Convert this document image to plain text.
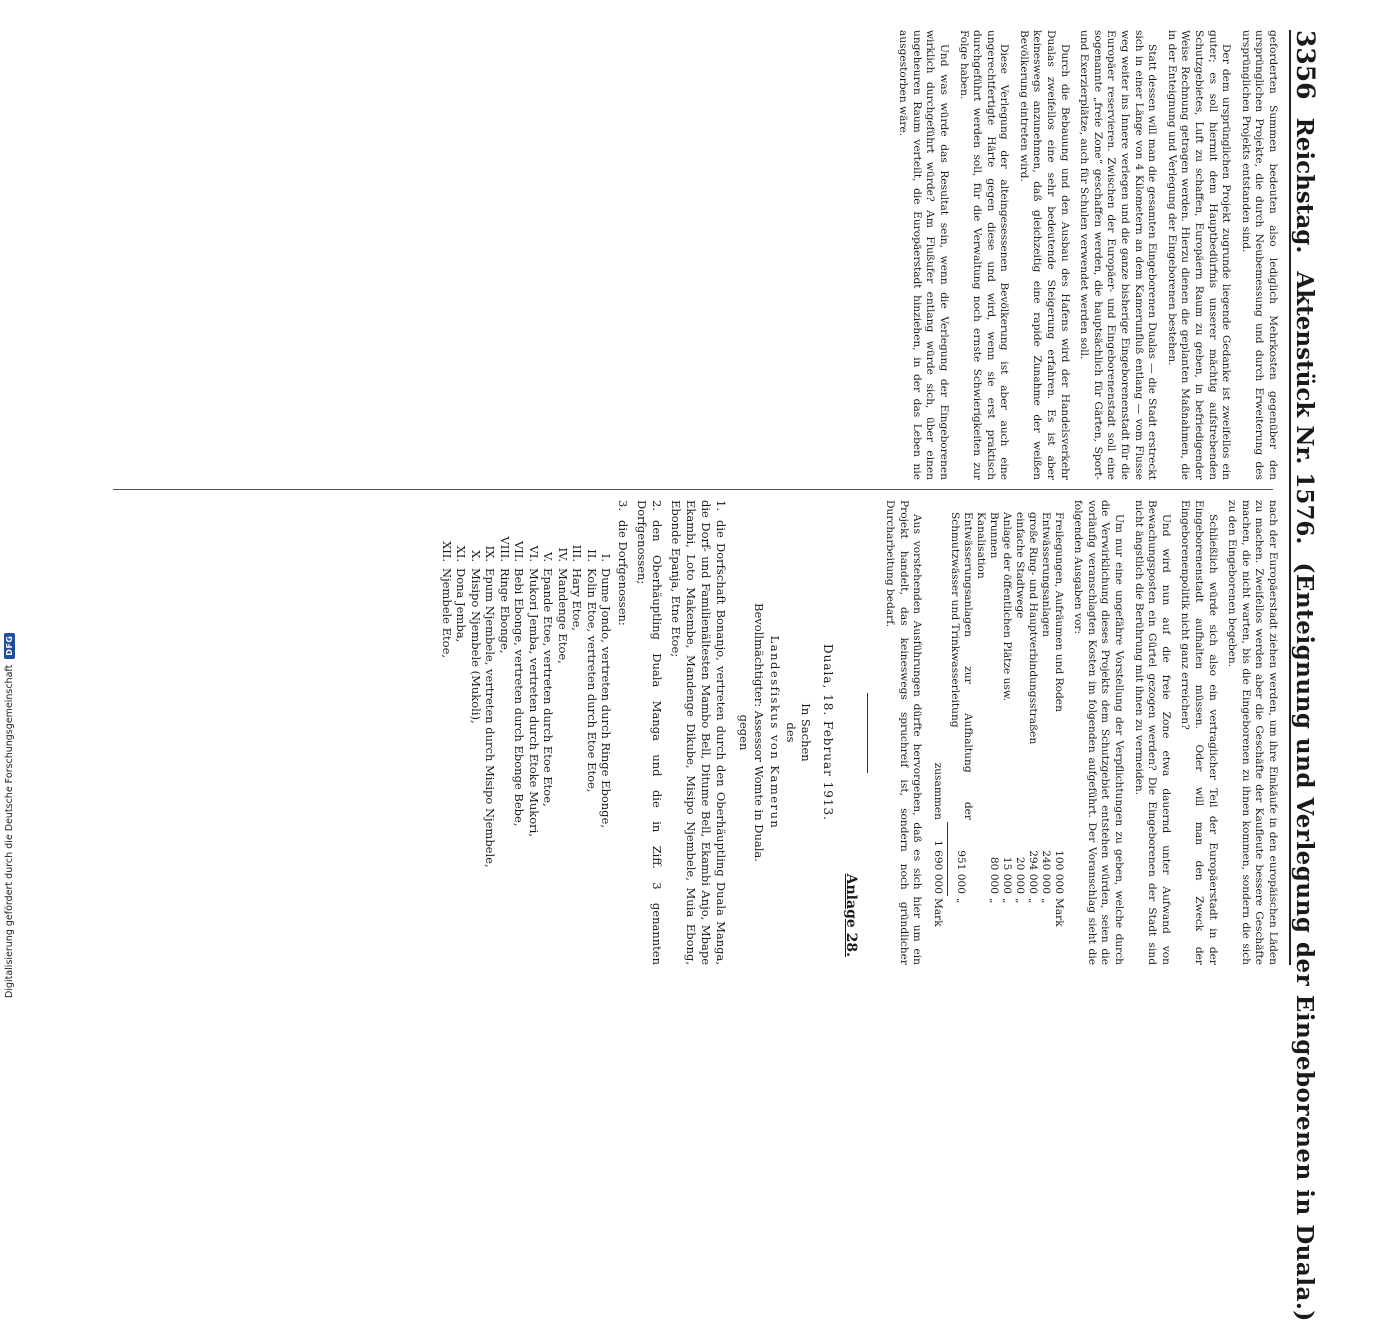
3356
Reichstag.
Aktenstück Nr. 1576.
(Enteignung und Verlegung der Eingeborenen in Duala.)

geforderten Summen bedeuten also lediglich Mehrkosten gegenüber den ursprünglichen Projekte, die durch Neubemessung und durch Erweiterung des ursprünglichen Projekts entstanden sind.

Der dem ursprünglichen Projekt zugrunde liegende Gedanke ist zweifellos ein guter; es soll hiermit dem Hauptbedürfnis unserer mächtig aufstrebenden Schutzgebietes, Luft zu schaffen, Europäern Raum zu geben, in befriedigender Weise Rechnung getragen werden. Hierzu dienen die geplanten Maßnahmen, die in der Enteignung und Verlegung der Eingeborenen bestehen.

Statt dessen will man die gesamten Eingeborenen Dualas — die Stadt erstreckt sich in einer Länge von 4 Kilometern an dem Kamerunfluß entlang — vom Flusse weg weiter ins Innere verlegen und die ganze bisherige Eingeborenenstadt für die Europäer reservieren. Zwischen der Europäer- und Eingeborenenstadt soll eine sogenannte „freie Zone“ geschaffen werden, die hauptsächlich für Gärten, Sport- und Exerzierplätze, auch für Schulen verwendet werden soll.

Durch die Bebauung und den Ausbau des Hafens wird der Handelsverkehr Dualas zweifellos eine sehr bedeutende Steigerung erfahren. Es ist aber keineswegs anzunehmen, daß gleichzeitig eine rapide Zunahme der weißen Bevölkerung eintreten wird.

Diese Verlegung der alteingesessenen Bevölkerung ist aber auch eine ungerechtfertigte Härte gegen diese und wird, wenn sie erst praktisch durchgeführt werden soll, für die Verwaltung noch ernste Schwierigkeiten zur Folge haben.

Und was würde das Resultat sein, wenn die Verlegung der Eingeborenen wirklich durchgeführt würde? Am Flußufer entlang würde sich, über einen ungeheuren Raum verteilt, die Europäerstadt hinziehen, in der das Leben nie ausgestorben wäre.

nach der Europäerstadt ziehen werden, um ihre Einkäufe in den europäischen Läden zu machen. Zweifellos werden aber die Geschäfte der Kaufleute bessere Geschäfte machen, die nicht warten, bis die Eingeborenen zu ihnen kommen, sondern die sich zu den Eingeborenen begeben.

Schließlich würde sich also ein vertraglicher Teil der Europäerstadt in der Eingeborenenstadt aufhalten müssen. Oder will man den Zweck der Eingeborenenpolitik nicht ganz erreichen?

Und wird nun auf die freie Zone etwa dauernd unter Aufwand von Bewachungsposten ein Gürtel gezogen werden? Die Eingeborenen der Stadt sind nicht ängstlich die Berührung mit ihnen zu vermeiden.

Um nur eine ungefähre Vorstellung der Verpflichtungen zu geben, welche durch die Verwirklichung dieses Projekts dem Schutzgebiet entstehen würden, seien die vorläufig veranschlagten Kosten im folgenden aufgeführt. Der Voranschlag sieht die folgenden Ausgaben vor:

Freilegungen, Aufräumen und Roden	100 000	Mark
Entwässerungsanlagen	240 000	„
große Ring- und Hauptverbindungsstraßen	294 000	„
einfache Stadtwege	20 000	„
Anlage der öffentlichen Plätze usw.	15 000	„
Brunnen	80 000	„
Kanalisation		
Entwässerungsanlagen zur Aufhaltung der Schmutzwässer und Trinkwasserleitung	951 000	„
zusammen	1 690 000	Mark

Aus vorstehenden Ausführungen dürfte hervorgehen, daß es sich hier um ein Projekt handelt, das keineswegs spruchreif ist, sondern noch gründlicher Durcharbeitung bedarf.

Anlage 28.
Duala, 18. Februar 1913.
In Sachen
des
Landesfiskus von Kamerun
Bevollmächtigter: Assessor Womte in Duala.
gegen
1.die Dorfschaft Bonanjo, vertreten durch den Oberhäuptling Duala Manga, die Dorf- und Familienältesten Mambo Bell, Ditume Bell, Ekambi Anjo, Mbape Ekambi, Loto Makembe, Mandenge Dikube, Misipo Njembele, Muia Ebong, Ebonde Epanja, Etne Etoe;
2.den Oberhäuptling Duala Manga und die in Ziff. 3 genannten Dorfgenossen;
3.die Dorfgenossen:
I.Dume Jondo, vertreten durch Ringe Ebonge,
II.Kolin Etoe, vertreten durch Etoe Etoe,
III.Hary Etoe,
IV.Mandenge Etoe,
V.Epande Etoe, vertreten durch Etoe Etoe,
VI.Mukori Jemba, vertreten durch Etoke Mukori,
VII.Bebi Ebonge, vertreten durch Ebonge Bebe,
VIII.Ringe Ebonge,
IX.Epum Njembele, vertreten durch Misipo Njembele,
X.Misipo Njembele (Mukoli),
XI.Dona Jemba,
XII.Njembele Etoe,
Digitalisierung gefördert durch die Deutsche Forschungsgemeinschaft
DFG
